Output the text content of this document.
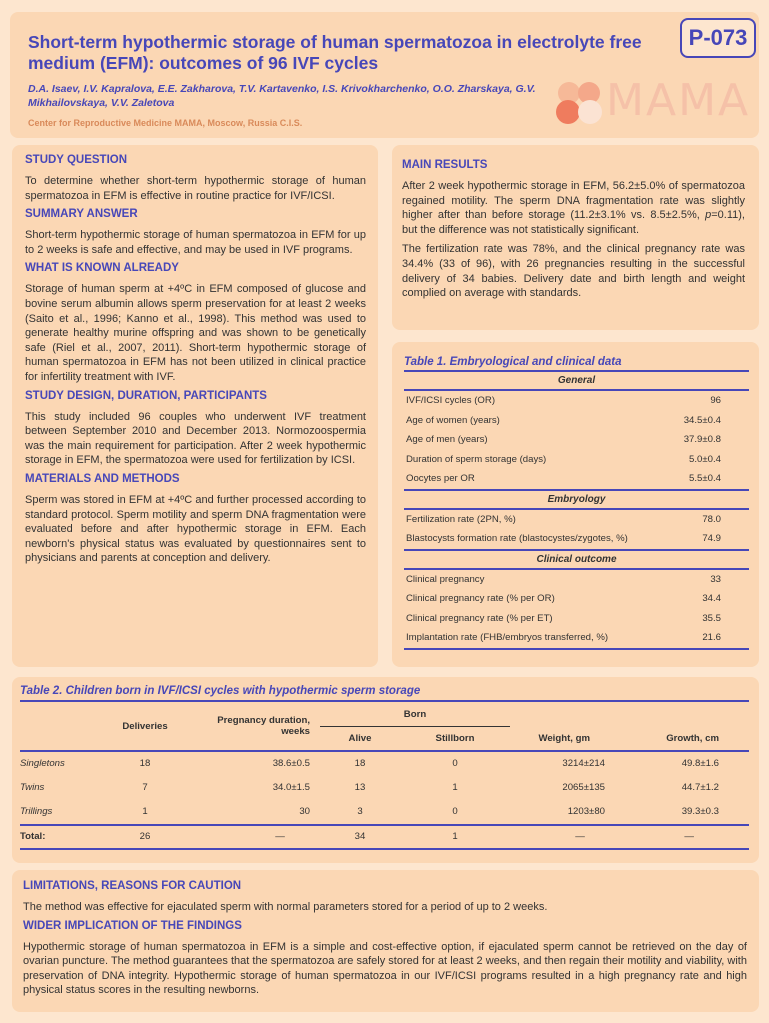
Short-term hypothermic storage of human spermatozoa in electrolyte free medium (EFM): outcomes of 96 IVF cycles
D.A. Isaev, I.V. Kapralova, E.E. Zakharova, T.V. Kartavenko, I.S. Krivokharchenko, O.O. Zharskaya, G.V. Mikhailovskaya, V.V. Zaletova
Center for Reproductive Medicine MAMA, Moscow, Russia C.I.S.
P-073
MAMA
STUDY QUESTION

To determine whether short-term hypothermic storage of human spermatozoa in EFM is effective in routine practice for IVF/ICSI.

SUMMARY ANSWER

Short-term hypothermic storage of human spermatozoa in EFM for up to 2 weeks is safe and effective, and may be used in IVF programs.

WHAT IS KNOWN ALREADY

Storage of human sperm at +4ºC in EFM composed of glucose and bovine serum albumin allows sperm preservation for at least 2 weeks (Saito et al., 1996; Kanno et al., 1998). This method was used to generate healthy murine offspring and was shown to be genetically safe (Riel et al., 2007, 2011). Short-term hypothermic storage of human spermatozoa in EFM has not been utilized in clinical practice for infertility treatment with IVF.

STUDY DESIGN, DURATION, PARTICIPANTS

This study included 96 couples who underwent IVF treatment between September 2010 and December 2013. Normozoospermia was the main requirement for participation. After 2 week hypothermic storage in EFM, the spermatozoa were used for fertilization by ICSI.

MATERIALS AND METHODS

Sperm was stored in EFM at +4ºC and further processed according to standard protocol. Sperm motility and sperm DNA fragmentation were evaluated before and after hypothermic storage in EFM. Each newborn's physical status was evaluated by questionnaires sent to physicians and parents at conception and delivery.

MAIN RESULTS

After 2 week hypothermic storage in EFM, 56.2±5.0% of spermatozoa regained motility. The sperm DNA fragmentation rate was slightly higher after than before storage (11.2±3.1% vs. 8.5±2.5%, p=0.11), but the difference was not statistically significant.

The fertilization rate was 78%, and the clinical pregnancy rate was 34.4% (33 of 96), with 26 pregnancies resulting in the successful delivery of 34 babies. Delivery date and birth length and weight complied on average with standards.

Table 1. Embryological and clinical data
General
IVF/ICSI cycles (OR)	96
Age of women (years)	34.5±0.4
Age of men (years)	37.9±0.8
Duration of sperm storage (days)	5.0±0.4
Oocytes per OR	5.5±0.4
Embryology
Fertilization rate (2PN, %)	78.0
Blastocysts formation rate (blastocystes/zygotes, %)	74.9
Clinical outcome
Clinical pregnancy	33
Clinical pregnancy rate (% per OR)	34.4
Clinical pregnancy rate (% per ET)	35.5
Implantation rate (FHB/embryos transferred, %)	21.6
Table 2. Children born in IVF/ICSI cycles with hypothermic sperm storage
	Deliveries	Pregnancy duration, weeks	Born			
			Alive	Stillborn	Weight, gm	Growth, cm
Singletons	18	38.6±0.5	18	0	3214±214	49.8±1.6
Twins	7	34.0±1.5	13	1	2065±135	44.7±1.2
Trillings	1	30	3	0	1203±80	39.3±0.3
Total:	26	—	34	1	—	—
LIMITATIONS, REASONS FOR CAUTION

The method was effective for ejaculated sperm with normal parameters stored for a period of up to 2 weeks.

WIDER IMPLICATION OF THE FINDINGS

Hypothermic storage of human spermatozoa in EFM is a simple and cost-effective option, if ejaculated sperm cannot be retrieved on the day of ovarian puncture. The method guarantees that the spermatozoa are safely stored for at least 2 weeks, and then regain their motility and viability, with preservation of DNA integrity. Hypothermic storage of human spermatozoa in our IVF/ICSI programs resulted in a high pregnancy rate and high physical status scores in the resulting newborns.
